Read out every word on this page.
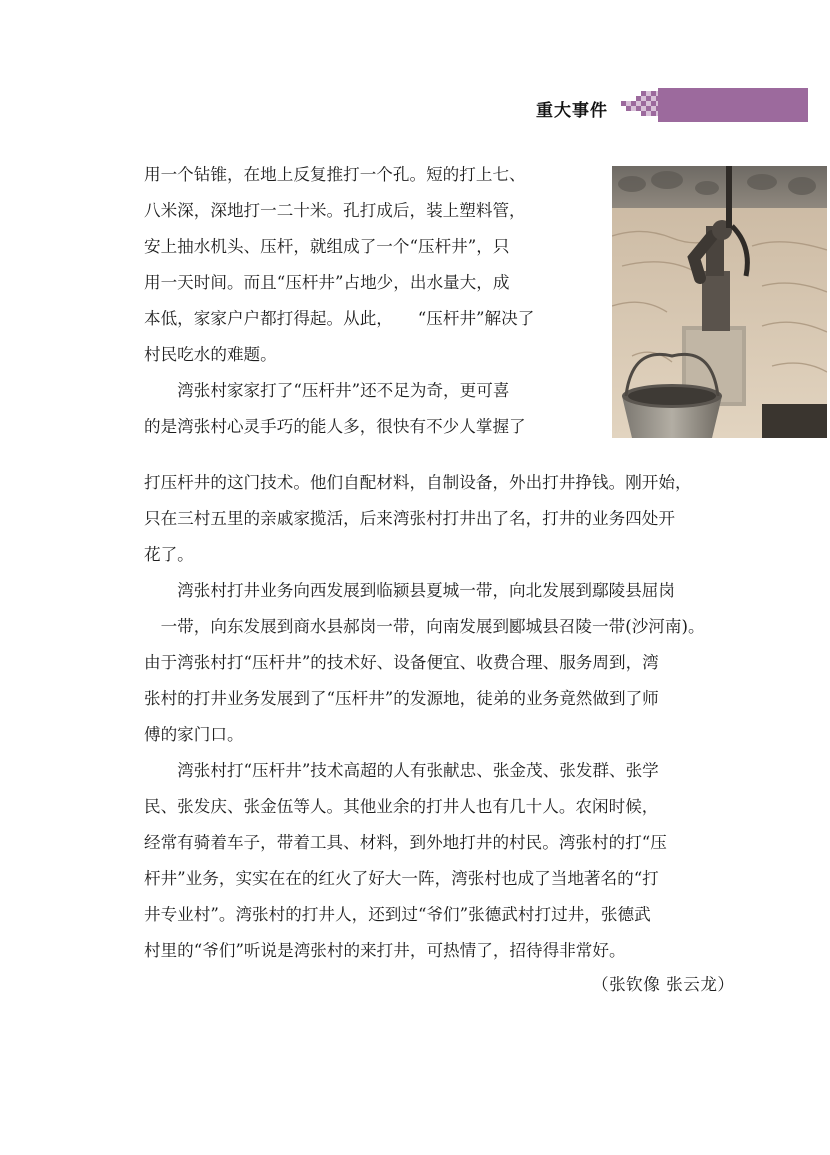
重大事件
用一个钻锥，在地上反复推打一个孔。短的打上七、
八米深，深地打一二十米。孔打成后，装上塑料管，
安上抽水机头、压杆，就组成了一个“压杆井”，只
用一天时间。而且“压杆井”占地少，出水量大，成
本低，家家户户都打得起。从此，　　“压杆井”解决了
村民吃水的难题。
　　湾张村家家打了“压杆井”还不足为奇，更可喜
的是湾张村心灵手巧的能人多，很快有不少人掌握了
打压杆井的这门技术。他们自配材料，自制设备，外出打井挣钱。刚开始，
只在三村五里的亲戚家揽活，后来湾张村打井出了名，打井的业务四处开
花了。
　　湾张村打井业务向西发展到临颍县夏城一带，向北发展到鄢陵县屈岗
　一带，向东发展到商水县郝岗一带，向南发展到郾城县召陵一带(沙河南)。
由于湾张村打“压杆井”的技术好、设备便宜、收费合理、服务周到，湾
张村的打井业务发展到了“压杆井”的发源地，徒弟的业务竟然做到了师
傅的家门口。
　　湾张村打“压杆井”技术高超的人有张献忠、张金茂、张发群、张学
民、张发庆、张金伍等人。其他业余的打井人也有几十人。农闲时候，
经常有骑着车子，带着工具、材料，到外地打井的村民。湾张村的打“压
杆井”业务，实实在在的红火了好大一阵，湾张村也成了当地著名的“打
井专业村”。湾张村的打井人，还到过“爷们”张德武村打过井，张德武
村里的“爷们”听说是湾张村的来打井，可热情了，招待得非常好。
（张钦像 张云龙）
